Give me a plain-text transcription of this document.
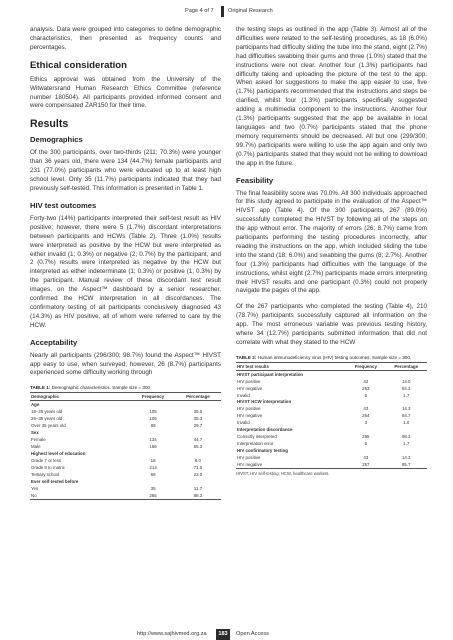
Page 4 of 7	Original Research

analysis. Data were grouped into categories to define demographic characteristics, then presented as frequency counts and percentages.

Ethical consideration

Ethics approval was obtained from the University of the Witwatersrand Human Research Ethics Committee (reference number 180504). All participants provided informed consent and were compensated ZAR150 for their time.

Results
Demographics

Of the 300 participants, over two-thirds (211; 70.3%) were younger than 36 years old, there were 134 (44.7%) female participants and 231 (77.0%) participants who were educated up to at least high school level. Only 35 (11.7%) participants indicated that they had previously self-tested. This information is presented in Table 1.

HIV test outcomes

Forty-two (14%) participants interpreted their self-test result as HIV positive; however, there were 5 (1.7%) discordant interpretations between participants and HCWs (Table 2). Three (1.0%) results were interpreted as positive by the HCW but were interpreted as either invalid (1; 0.3%) or negative (2; 0.7%) by the participant, and 2 (0.7%) results were interpreted as negative by the HCW but interpreted as either indeterminate (1; 0.3%) or positive (1; 0.3%) by the participant. Manual review of these discordant test result images, on the Aspect™ dashboard by a senior researcher, confirmed the HCW interpretation in all discordances. The confirmatory testing of all participants conclusively diagnosed 43 (14.3%) as HIV positive, all of whom were referred to care by the HCW.

Acceptability

Nearly all participants (296/300; 98.7%) found the Aspect™ HIVST app easy to use, when surveyed; however, 26 (8.7%) participants experienced some difficulty working through

TABLE 1: Demographic characteristics. Sample size = 300.
Demographic	Frequency	Percentage
Age		
18–25 years old	105	35.0
26–35 years old	106	35.3
Over 35 years old	89	29.7
Sex		
Female	134	44.7
Male	166	55.3
Highest level of education		
Grade 7 or less	18	6.0
Grade 8 to matric	213	71.0
Tertiary school	69	23.0
Ever self-tested before		
Yes	35	11.7
No	265	88.3

the testing steps as outlined in the app (Table 3). Almost all of the difficulties were related to the self-testing procedures, as 18 (6.0%) participants had difficulty sliding the tube into the stand, eight (2.7%) had difficulties swabbing their gums and three (1.0%) stated that the instructions were not clear. Another four (1.3%) participants had difficulty taking and uploading the picture of the test to the app. When asked for suggestions to make the app easier to use, five (1.7%) participants recommended that the instructions and steps be clarified, whilst four (1.3%) participants specifically suggested adding a multimedia component to the instructions. Another four (1.3%) participants suggested that the app be available in local languages and two (0.7%) participants stated that the phone memory requirements should be decreased. All but one (299/300; 99.7%) participants were willing to use the app again and only two (0.7%) participants stated that they would not be willing to download the app in the future.

Feasibility

The final feasibility score was 70.0%. All 300 individuals approached for this study agreed to participate in the evaluation of the Aspect™ HIVST app (Table 4). Of the 300 participants, 267 (89.0%) successfully completed the HIVST by following all of the steps on the app without error. The majority of errors (26; 8.7%) came from participants performing the testing procedures incorrectly, after reading the instructions on the app, which included sliding the tube into the stand (18; 6.0%) and swabbing the gums (8; 2.7%). Another four (1.3%) participants had difficulties with the language of the instructions, whilst eight (2.7%) participants made errors interpreting their HIVST results and one participant (0.3%) could not properly navigate the pages of the app.

Of the 267 participants who completed the testing (Table 4), 210 (78.7%) participants successfully captured all information on the app. The most erroneous variable was previous testing history, where 34 (12.7%) participants submitted information that did not correlate with what they stated to the HCW

TABLE 2: Human immunodeficiency virus (HIV) testing outcomes. Sample size = 300.
HIV test results	Frequency	Percentage
HIVST participant interpretation		
HIV positive	42	14.0
HIV negative	253	84.3
Invalid	5	1.7
HIVST HCW interpretation		
HIV positive	43	14.3
HIV negative	254	84.7
Invalid	3	1.0
Interpretation discordance		
Correctly interpreted	295	98.3
Interpretation error	5	1.7
HIV confirmatory testing		
HIV positive	43	14.3
HIV negative	257	85.7
HIVST, HIV self-testing; HCW, healthcare workers.
http://www.sajhivmed.org.za	183	Open Access
